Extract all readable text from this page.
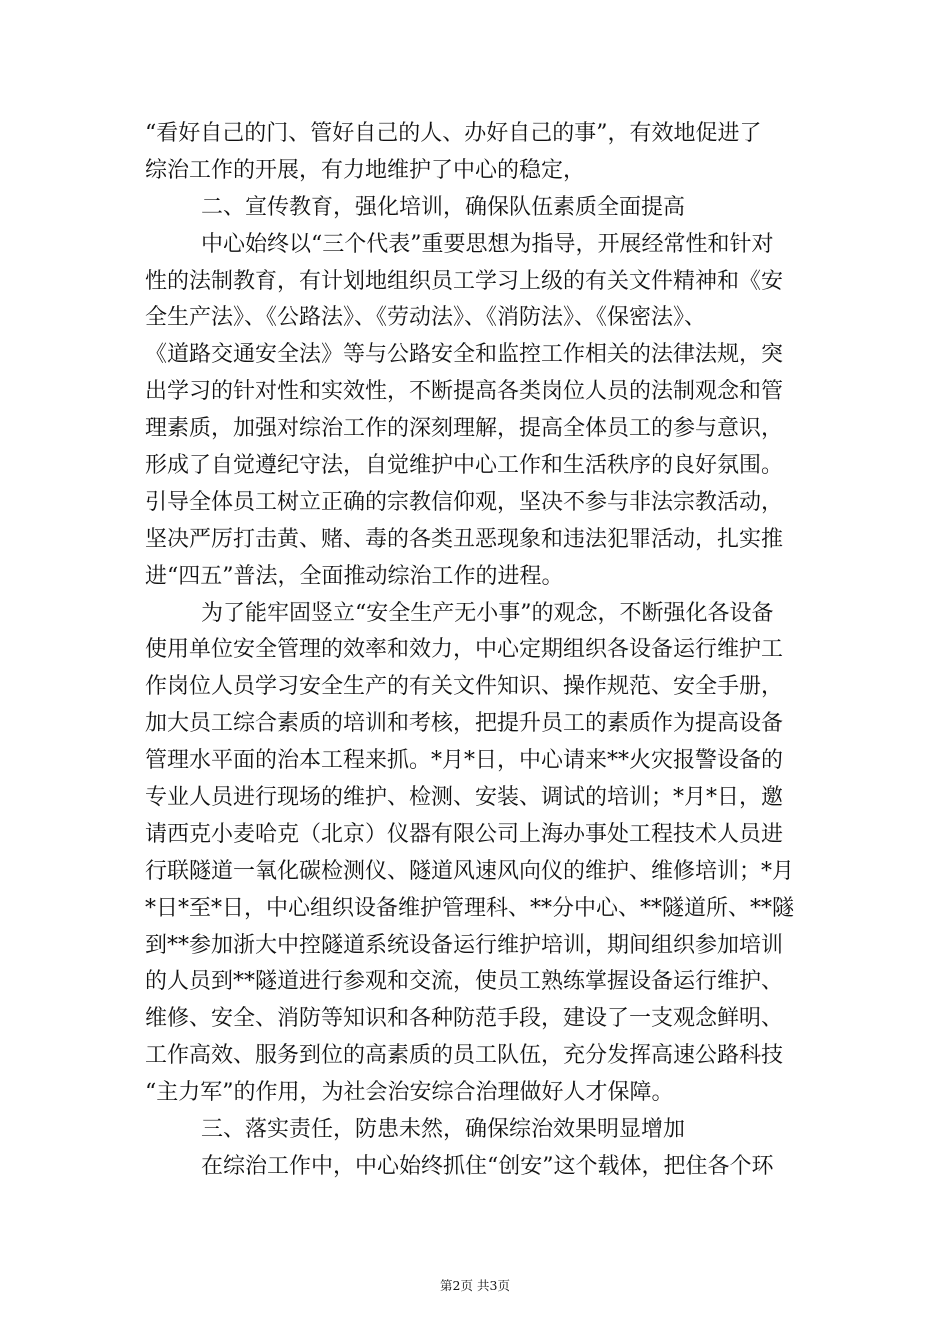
“看好自己的门、管好自己的人、办好自己的事”，有效地促进了
综治工作的开展，有力地维护了中心的稳定，
二、宣传教育，强化培训，确保队伍素质全面提高
中心始终以“三个代表”重要思想为指导，开展经常性和针对
性的法制教育，有计划地组织员工学习上级的有关文件精神和《安
全生产法》、《公路法》、《劳动法》、《消防法》、《保密法》、
《道路交通安全法》等与公路安全和监控工作相关的法律法规，突
出学习的针对性和实效性，不断提高各类岗位人员的法制观念和管
理素质，加强对综治工作的深刻理解，提高全体员工的参与意识，
形成了自觉遵纪守法，自觉维护中心工作和生活秩序的良好氛围。
引导全体员工树立正确的宗教信仰观，坚决不参与非法宗教活动，
坚决严厉打击黄、赌、毒的各类丑恶现象和违法犯罪活动，扎实推
进“四五”普法，全面推动综治工作的进程。
为了能牢固竖立“安全生产无小事”的观念，不断强化各设备
使用单位安全管理的效率和效力，中心定期组织各设备运行维护工
作岗位人员学习安全生产的有关文件知识、操作规范、安全手册，
加大员工综合素质的培训和考核，把提升员工的素质作为提高设备
管理水平面的治本工程来抓。*月*日，中心请来**火灾报警设备的
专业人员进行现场的维护、检测、安装、调试的培训；*月*日，邀
请西克小麦哈克（北京）仪器有限公司上海办事处工程技术人员进
行联隧道一氧化碳检测仪、隧道风速风向仪的维护、维修培训；*月
*日*至*日，中心组织设备维护管理科、**分中心、**隧道所、**隧
到**参加浙大中控隧道系统设备运行维护培训，期间组织参加培训
的人员到**隧道进行参观和交流，使员工熟练掌握设备运行维护、
维修、安全、消防等知识和各种防范手段，建设了一支观念鲜明、
工作高效、服务到位的高素质的员工队伍，充分发挥高速公路科技
“主力军”的作用，为社会治安综合治理做好人才保障。
三、落实责任，防患未然，确保综治效果明显增加
在综治工作中，中心始终抓住“创安”这个载体，把住各个环
第2页 共3页
